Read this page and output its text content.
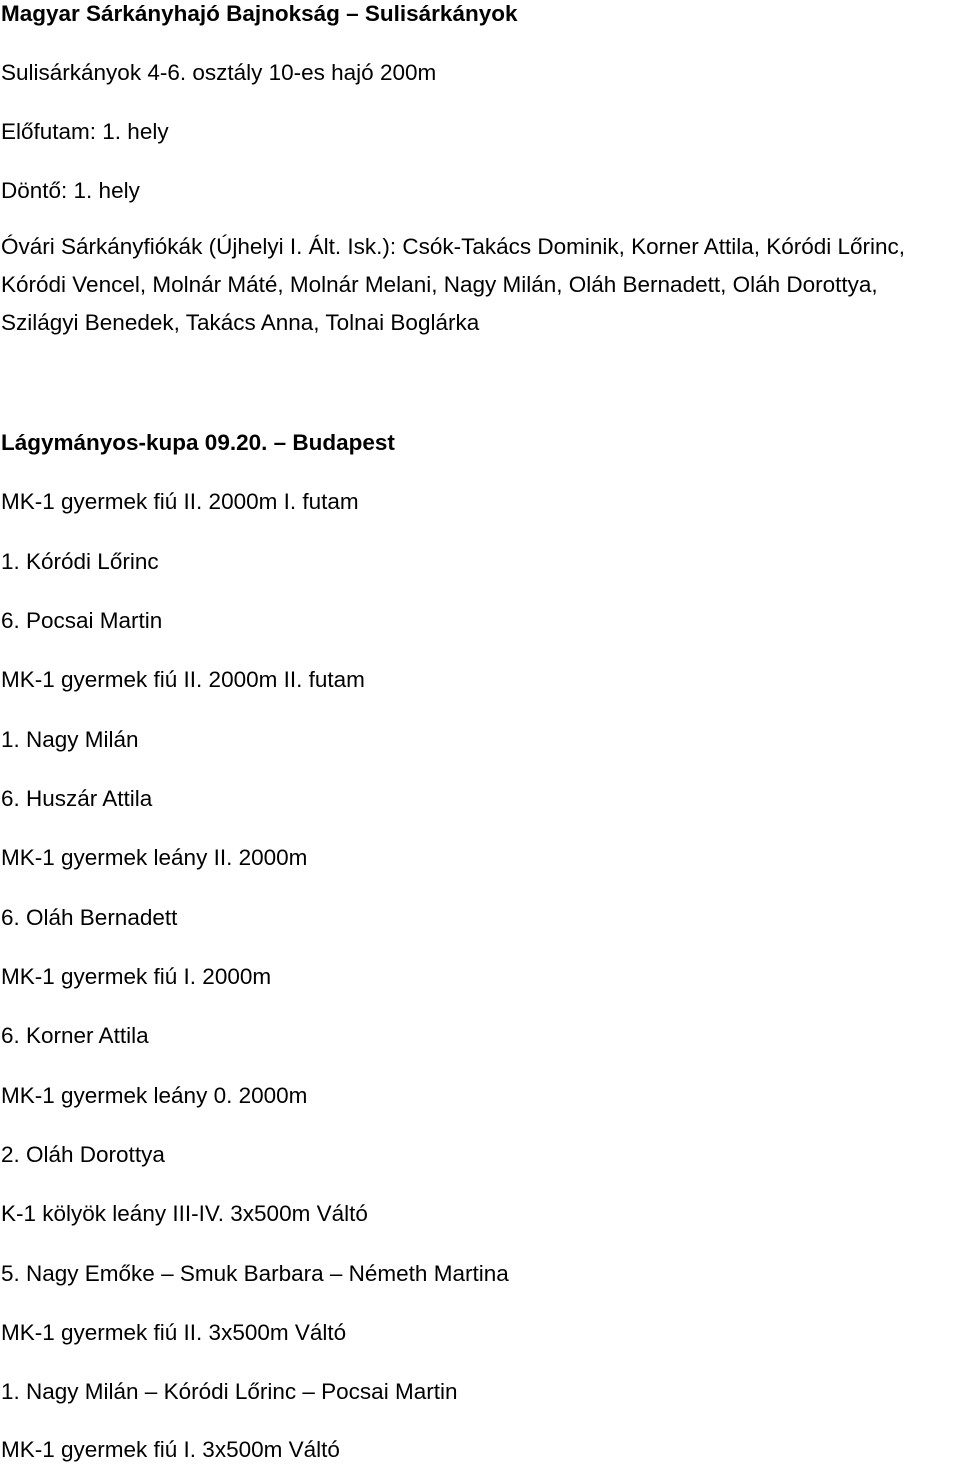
Magyar Sárkányhajó Bajnokság – Sulisárkányok

Sulisárkányok 4-6. osztály 10-es hajó 200m

Előfutam: 1. hely

Döntő: 1. hely

Óvári Sárkányfiókák (Újhelyi I. Ált. Isk.): Csók-Takács Dominik, Korner Attila, Kóródi Lőrinc,
Kóródi Vencel, Molnár Máté, Molnár Melani, Nagy Milán, Oláh Bernadett, Oláh Dorottya,
Szilágyi Benedek, Takács Anna, Tolnai Boglárka

Lágymányos-kupa 09.20. – Budapest

MK-1 gyermek fiú II. 2000m I. futam

1. Kóródi Lőrinc

6. Pocsai Martin

MK-1 gyermek fiú II. 2000m II. futam

1. Nagy Milán

6. Huszár Attila

MK-1 gyermek leány II. 2000m

6. Oláh Bernadett

MK-1 gyermek fiú I. 2000m

6. Korner Attila

MK-1 gyermek leány 0. 2000m

2. Oláh Dorottya

K-1 kölyök leány III-IV. 3x500m Váltó

5. Nagy Emőke – Smuk Barbara – Németh Martina

MK-1 gyermek fiú II. 3x500m Váltó

1. Nagy Milán – Kóródi Lőrinc – Pocsai Martin

MK-1 gyermek fiú I. 3x500m Váltó
